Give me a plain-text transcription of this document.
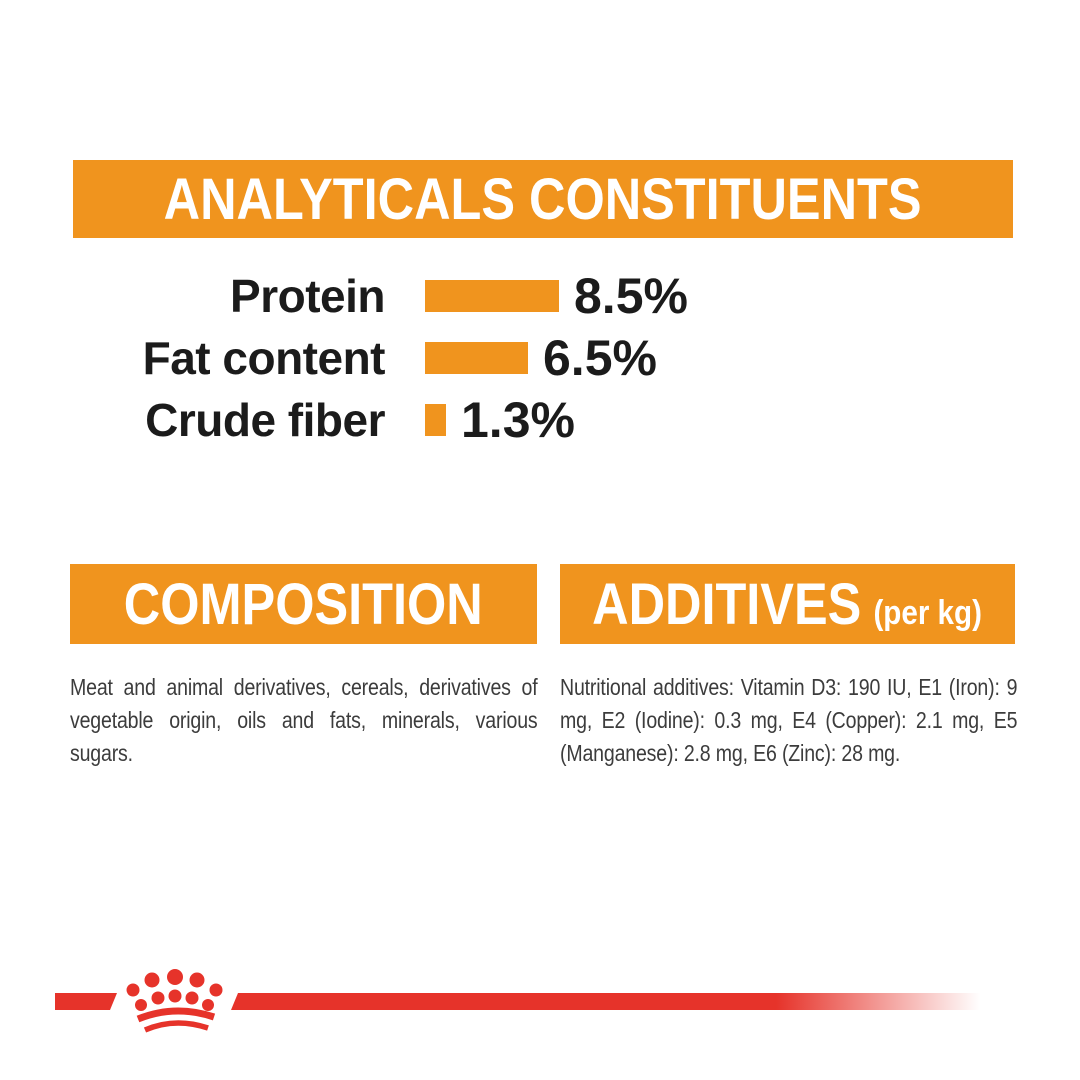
ANALYTICALS CONSTITUENTS
Protein	8.5%
Fat content	6.5%
Crude fiber 1.3%
COMPOSITION

Meat and animal derivatives, cereals, derivatives of vegetable origin, oils and fats, minerals, various sugars.

ADDITIVES (per kg)

Nutritional additives: Vitamin D3: 190 IU, E1 (Iron): 9 mg, E2 (Iodine): 0.3 mg, E4 (Copper): 2.1 mg, E5 (Manganese): 2.8 mg, E6 (Zinc): 28 mg.
